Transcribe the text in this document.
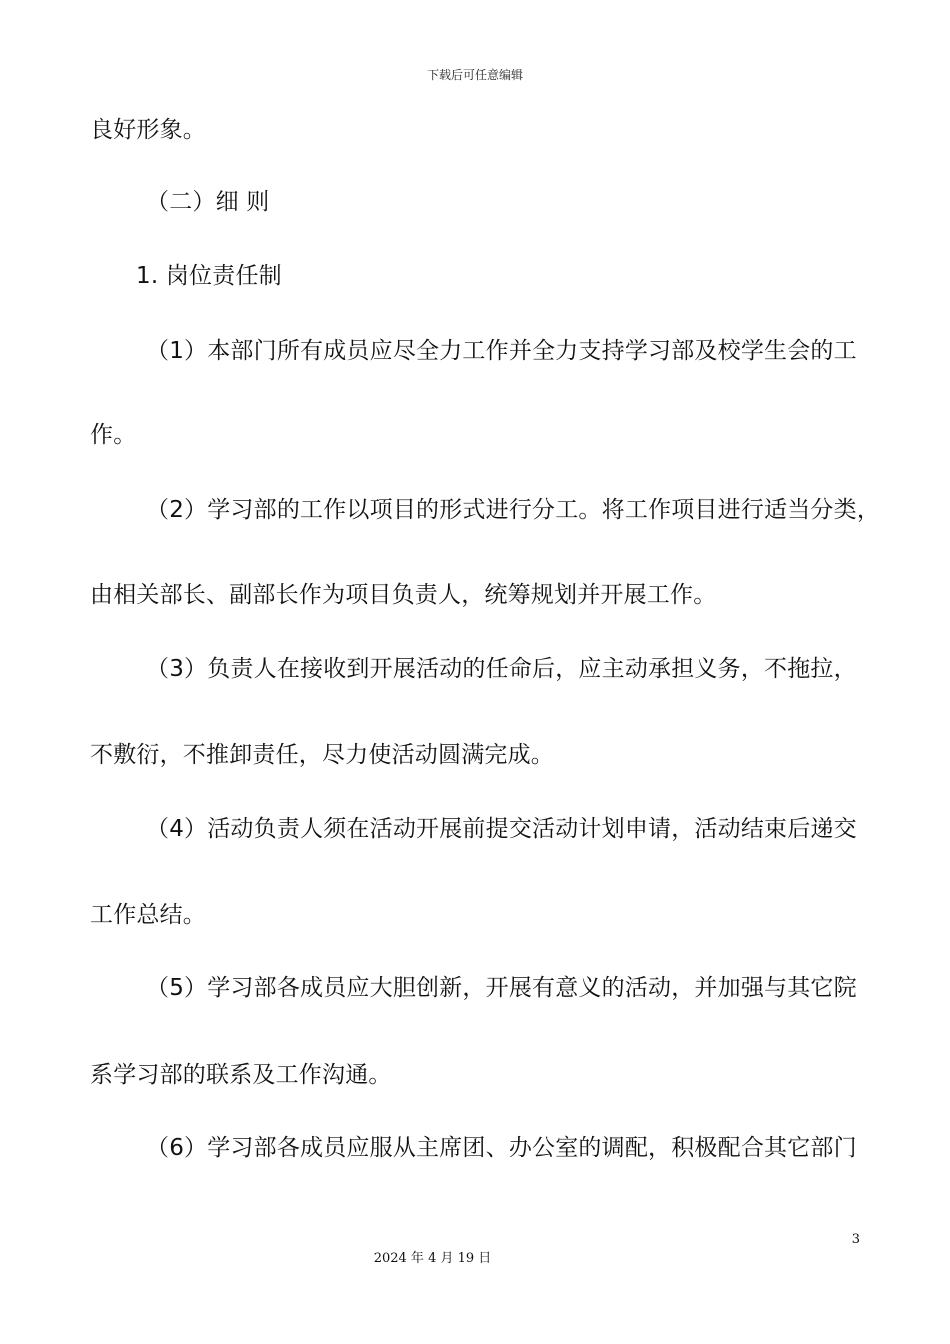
下载后可任意编辑
良好形象。
（二）细 则
1. 岗位责任制
（1）本部门所有成员应尽全力工作并全力支持学习部及校学生会的工
作。
（2）学习部的工作以项目的形式进行分工。将工作项目进行适当分类，
由相关部长、副部长作为项目负责人，统筹规划并开展工作。
（3）负责人在接收到开展活动的任命后，应主动承担义务，不拖拉，
不敷衍，不推卸责任，尽力使活动圆满完成。
（4）活动负责人须在活动开展前提交活动计划申请，活动结束后递交
工作总结。
（5）学习部各成员应大胆创新，开展有意义的活动，并加强与其它院
系学习部的联系及工作沟通。
（6）学习部各成员应服从主席团、办公室的调配，积极配合其它部门
3
2024 年 4 月 19 日
